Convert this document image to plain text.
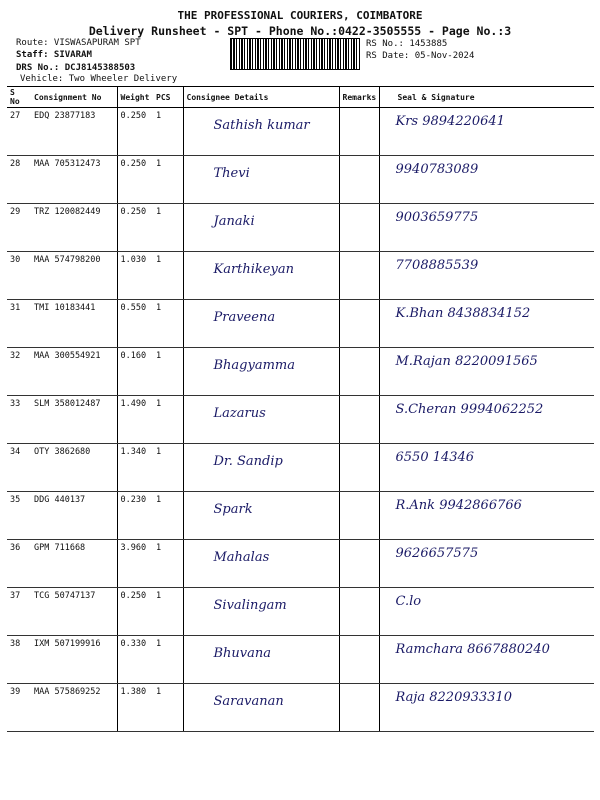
THE PROFESSIONAL COURIERS, COIMBATORE
Delivery Runsheet - SPT - Phone No.:0422-3505555 - Page No.:3
Route: VISWASAPURAM SPT
Staff: SIVARAM
DRS No.: DCJ8145388503
Vehicle: Two Wheeler Delivery
RS No.: 1453885
RS Date: 05-Nov-2024
S No	Consignment No	Weight	PCS	Consignee Details	Remarks	Seal & Signature
27	EDQ 23877183	0.250	1	Sathish kumar		Krs 9894220641
28	MAA 705312473	0.250	1	Thevi		9940783089
29	TRZ 120082449	0.250	1	Janaki		9003659775
30	MAA 574798200	1.030	1	Karthikeyan		7708885539
31	TMI 10183441	0.550	1	Praveena		K.Bhan 8438834152
32	MAA 300554921	0.160	1	Bhagyamma		M.Rajan 8220091565
33	SLM 358012487	1.490	1	Lazarus		S.Cheran 9994062252
34	OTY 3862680	1.340	1	Dr. Sandip		6550 14346
35	DDG 440137	0.230	1	Spark		R.Ank 9942866766
36	GPM 711668	3.960	1	Mahalas		9626657575
37	TCG 50747137	0.250	1	Sivalingam		C.lo
38	IXM 507199916	0.330	1	Bhuvana		Ramchara 8667880240
39	MAA 575869252	1.380	1	Saravanan		Raja 8220933310
